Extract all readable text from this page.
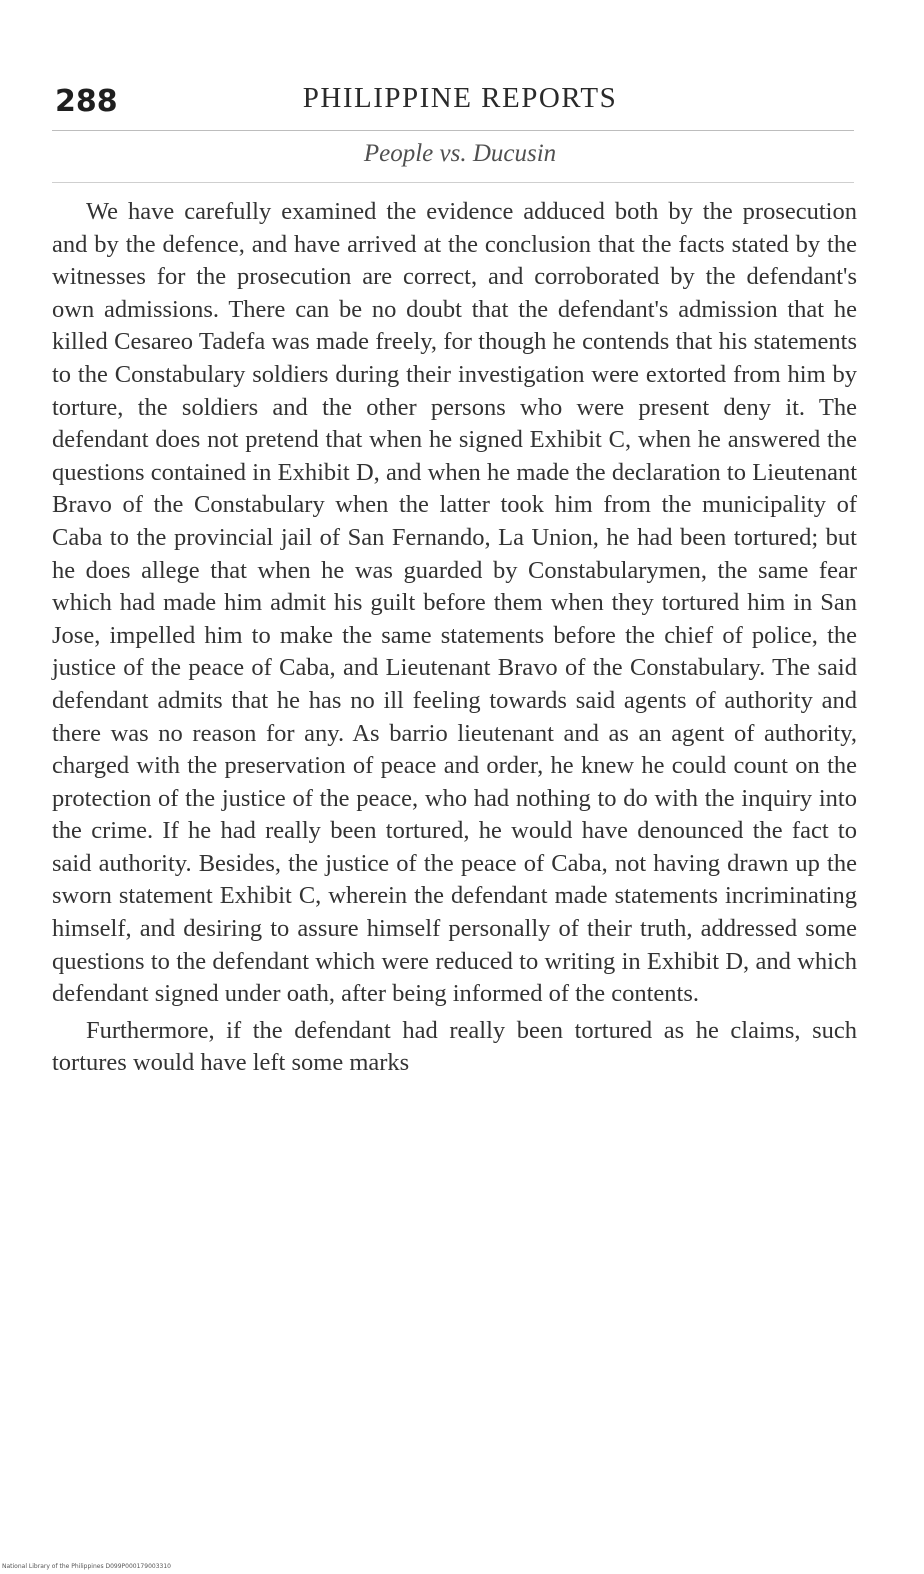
288	PHILIPPINE REPORTS
People vs. Ducusin

We have carefully examined the evidence adduced both by the prosecution and by the defence, and have arrived at the conclusion that the facts stated by the witnesses for the prosecution are correct, and corroborated by the defendant's own admissions. There can be no doubt that the defendant's admission that he killed Cesareo Tadefa was made freely, for though he contends that his statements to the Constabulary soldiers during their investigation were extorted from him by torture, the soldiers and the other persons who were present deny it. The defendant does not pretend that when he signed Exhibit C, when he answered the questions contained in Exhibit D, and when he made the declaration to Lieutenant Bravo of the Constabulary when the latter took him from the municipality of Caba to the provincial jail of San Fernando, La Union, he had been tortured; but he does allege that when he was guarded by Constabularymen, the same fear which had made him admit his guilt before them when they tortured him in San Jose, impelled him to make the same statements before the chief of police, the justice of the peace of Caba, and Lieutenant Bravo of the Constabulary. The said defendant admits that he has no ill feeling towards said agents of authority and there was no reason for any. As barrio lieutenant and as an agent of authority, charged with the preservation of peace and order, he knew he could count on the protection of the justice of the peace, who had nothing to do with the inquiry into the crime. If he had really been tortured, he would have denounced the fact to said authority. Besides, the justice of the peace of Caba, not having drawn up the sworn statement Exhibit C, wherein the defendant made statements incriminating himself, and desiring to assure himself personally of their truth, addressed some questions to the defendant which were reduced to writing in Exhibit D, and which defendant signed under oath, after being informed of the contents.

Furthermore, if the defendant had really been tortured as he claims, such tortures would have left some marks

National Library of the Philippines D099P000179003310
